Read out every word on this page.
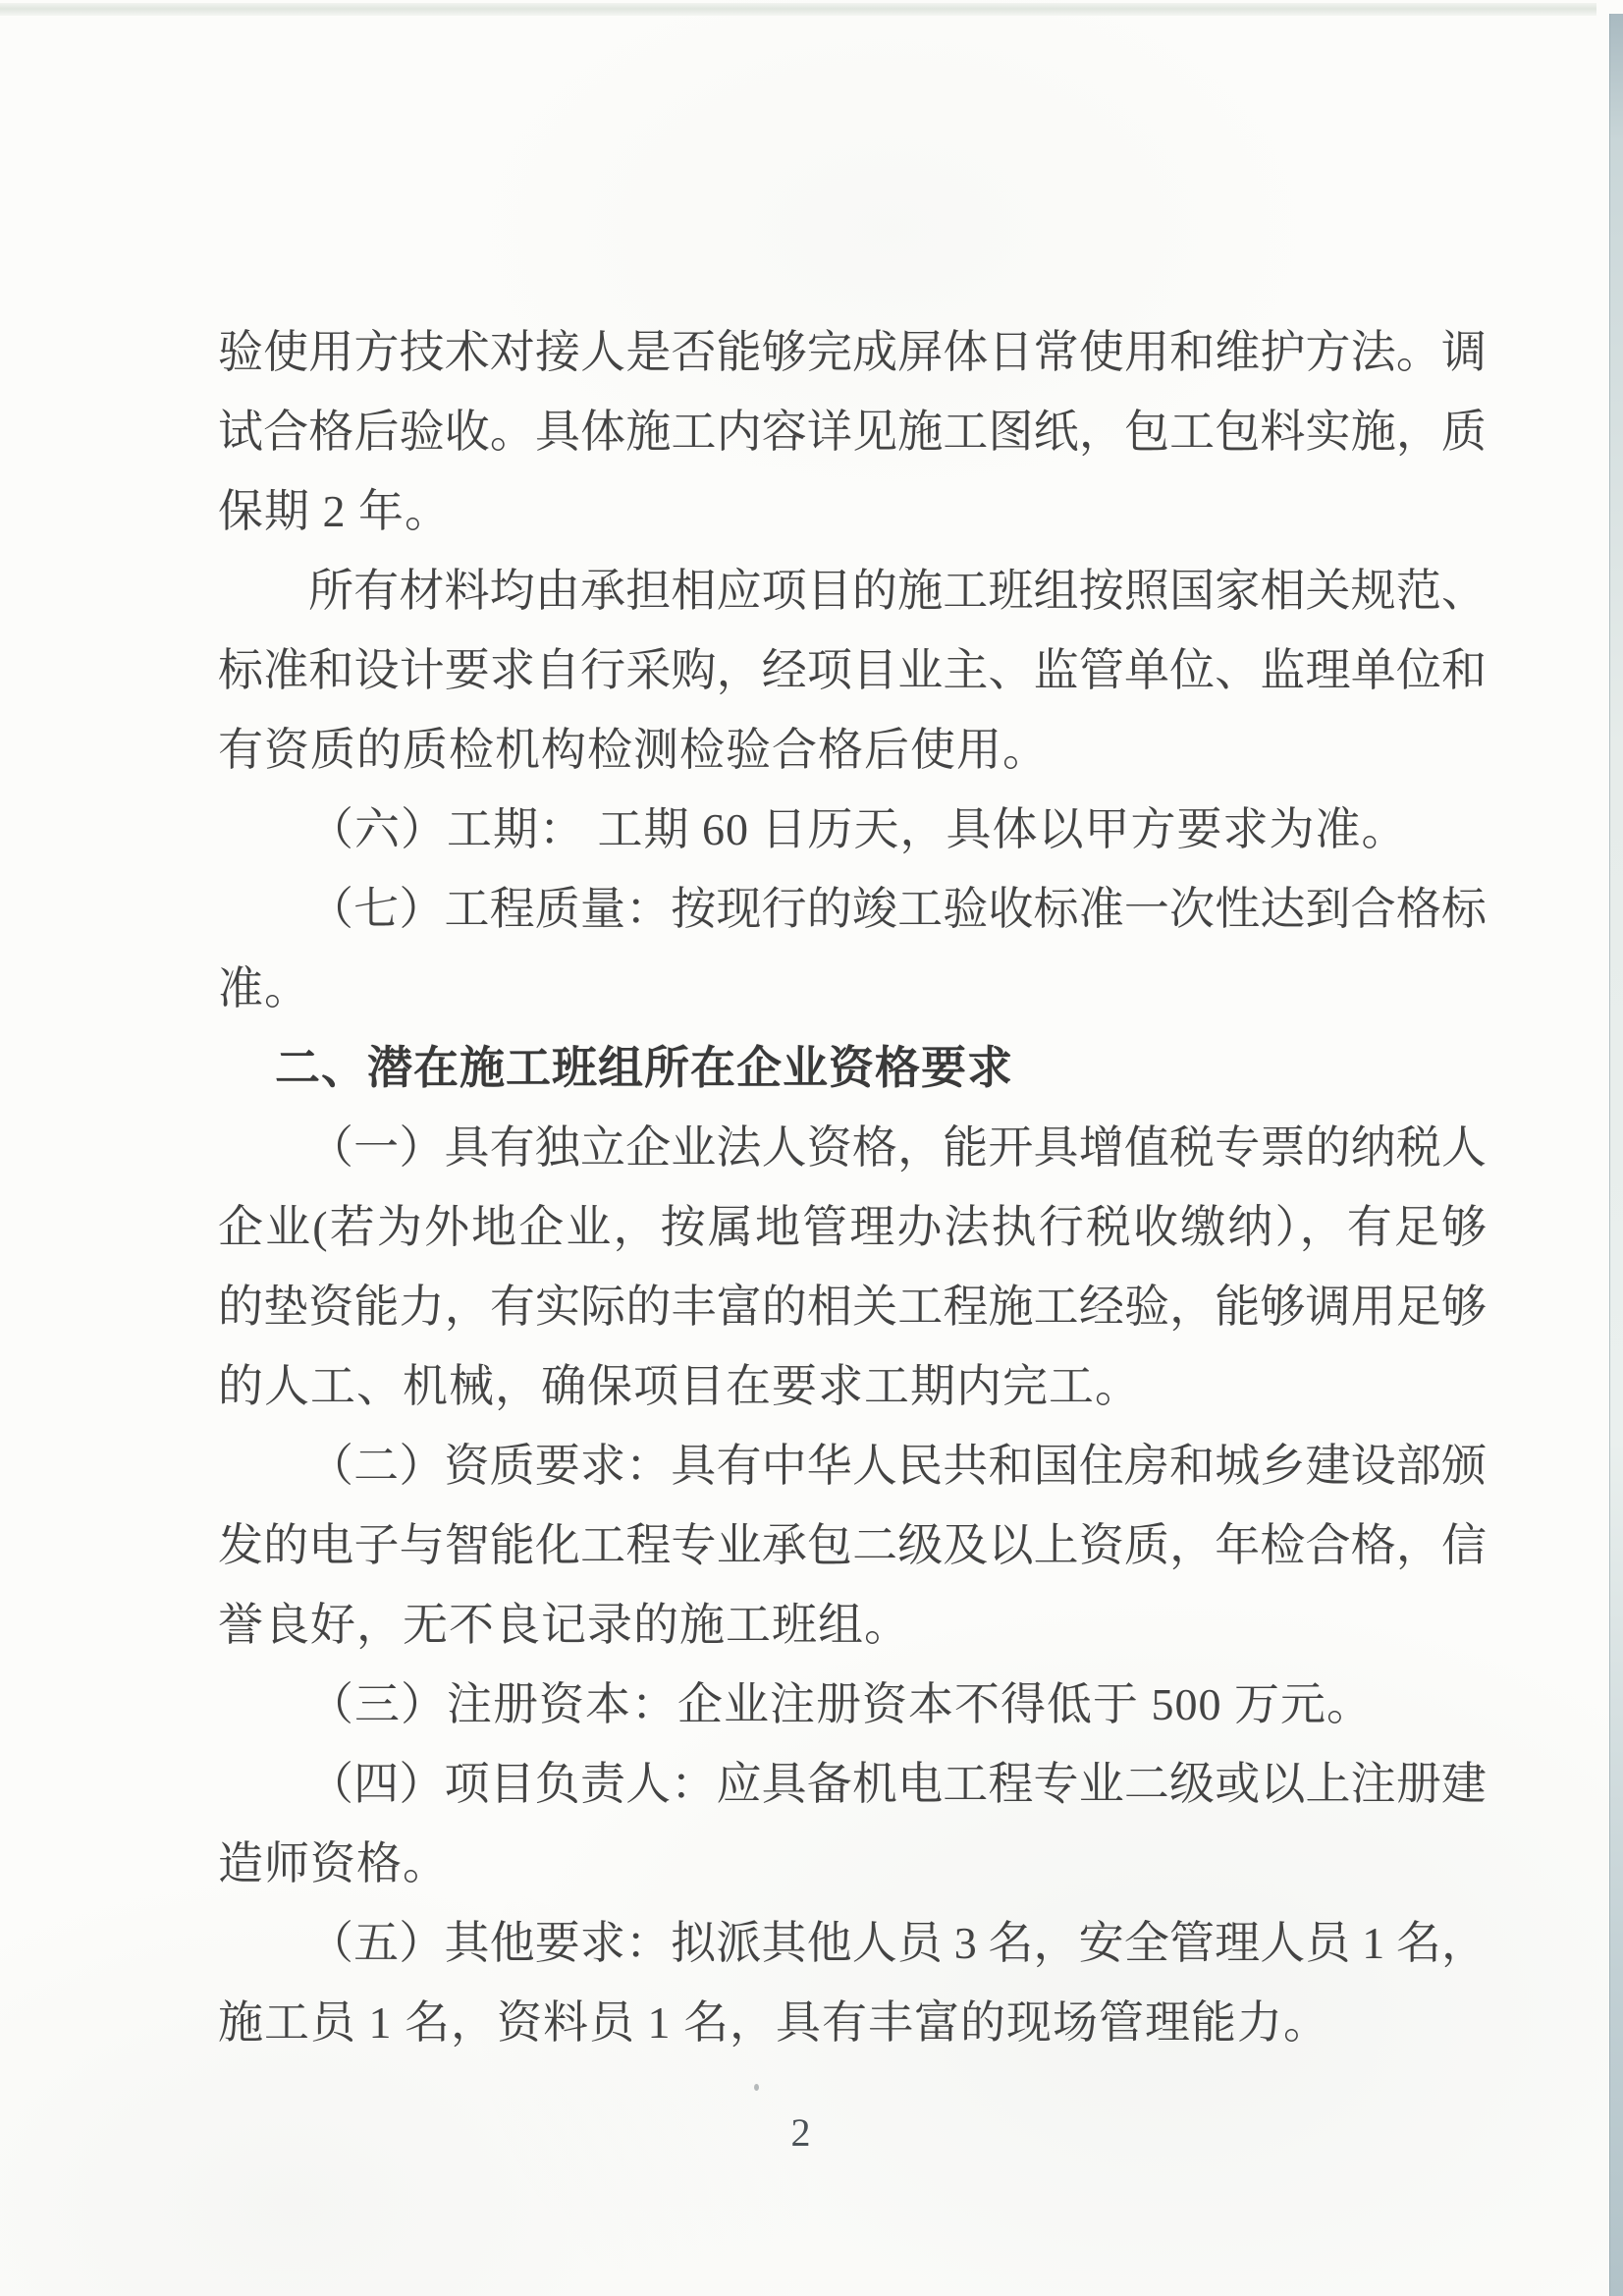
验使用方技术对接人是否能够完成屏体日常使用和维护方法。调
试合格后验收。具体施工内容详见施工图纸，包工包料实施，质
保期 2 年。
所有材料均由承担相应项目的施工班组按照国家相关规范、
标准和设计要求自行采购，经项目业主、监管单位、监理单位和
有资质的质检机构检测检验合格后使用。
（六）工期： 工期 60 日历天，具体以甲方要求为准。
（七）工程质量：按现行的竣工验收标准一次性达到合格标
准。
二、潜在施工班组所在企业资格要求
（一）具有独立企业法人资格，能开具增值税专票的纳税人
企业(若为外地企业，按属地管理办法执行税收缴纳），有足够
的垫资能力，有实际的丰富的相关工程施工经验，能够调用足够
的人工、机械，确保项目在要求工期内完工。
（二）资质要求：具有中华人民共和国住房和城乡建设部颁
发的电子与智能化工程专业承包二级及以上资质，年检合格，信
誉良好，无不良记录的施工班组。
（三）注册资本：企业注册资本不得低于 500 万元。
（四）项目负责人：应具备机电工程专业二级或以上注册建
造师资格。
（五）其他要求：拟派其他人员 3 名，安全管理人员 1 名，
施工员 1 名，资料员 1 名，具有丰富的现场管理能力。
2
